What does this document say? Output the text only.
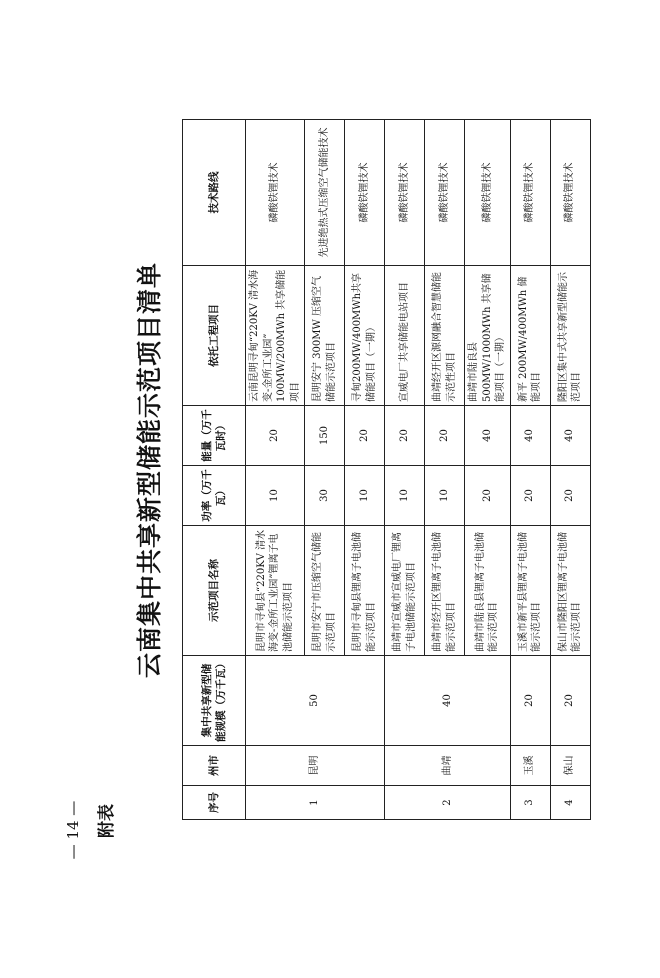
— 14 — 附表
云南集中共享新型储能示范项目清单
序号	州市	集中共享新型储能规模（万千瓦）	示范项目名称	功率（万千瓦）	能量（万千瓦时）	依托工程项目	技术路线
1	昆明	50	昆明市寻甸县“220KV 清水海变-金所工业园”锂离子电池储能示范项目	10	20	云南昆明寻甸“220KV 清水海变-金所工业园” 100MW/200MWh 共享储能项目	磷酸铁锂技术
			昆明市安宁市压缩空气储能示范项目	30	150	昆明安宁 300MW 压缩空气储能示范项目	先进绝热式压缩空气储能技术
			昆明市寻甸县锂离子电池储能示范项目	10	20	寻甸200MW/400MWh共享储能项目（一期）	磷酸铁锂技术
2	曲靖	40	曲靖市宣威市宣威电厂锂离子电池储能示范项目	10	20	宣威电厂共享储能电站项目	磷酸铁锂技术
			曲靖市经开区锂离子电池储能示范项目	10	20	曲靖经开区源网融合智慧储能示范性项目	磷酸铁锂技术
			曲靖市陆良县锂离子电池储能示范项目	20	40	曲靖市陆良县 500MW/1000MWh 共享储能项目（一期）	磷酸铁锂技术
3	玉溪	20	玉溪市新平县锂离子电池储能示范项目	20	40	新平 200MW/400MWh 储能项目	磷酸铁锂技术
4	保山	20	保山市隆阳区锂离子电池储能示范项目	20	40	隆阳区集中式共享新型储能示范项目	磷酸铁锂技术
